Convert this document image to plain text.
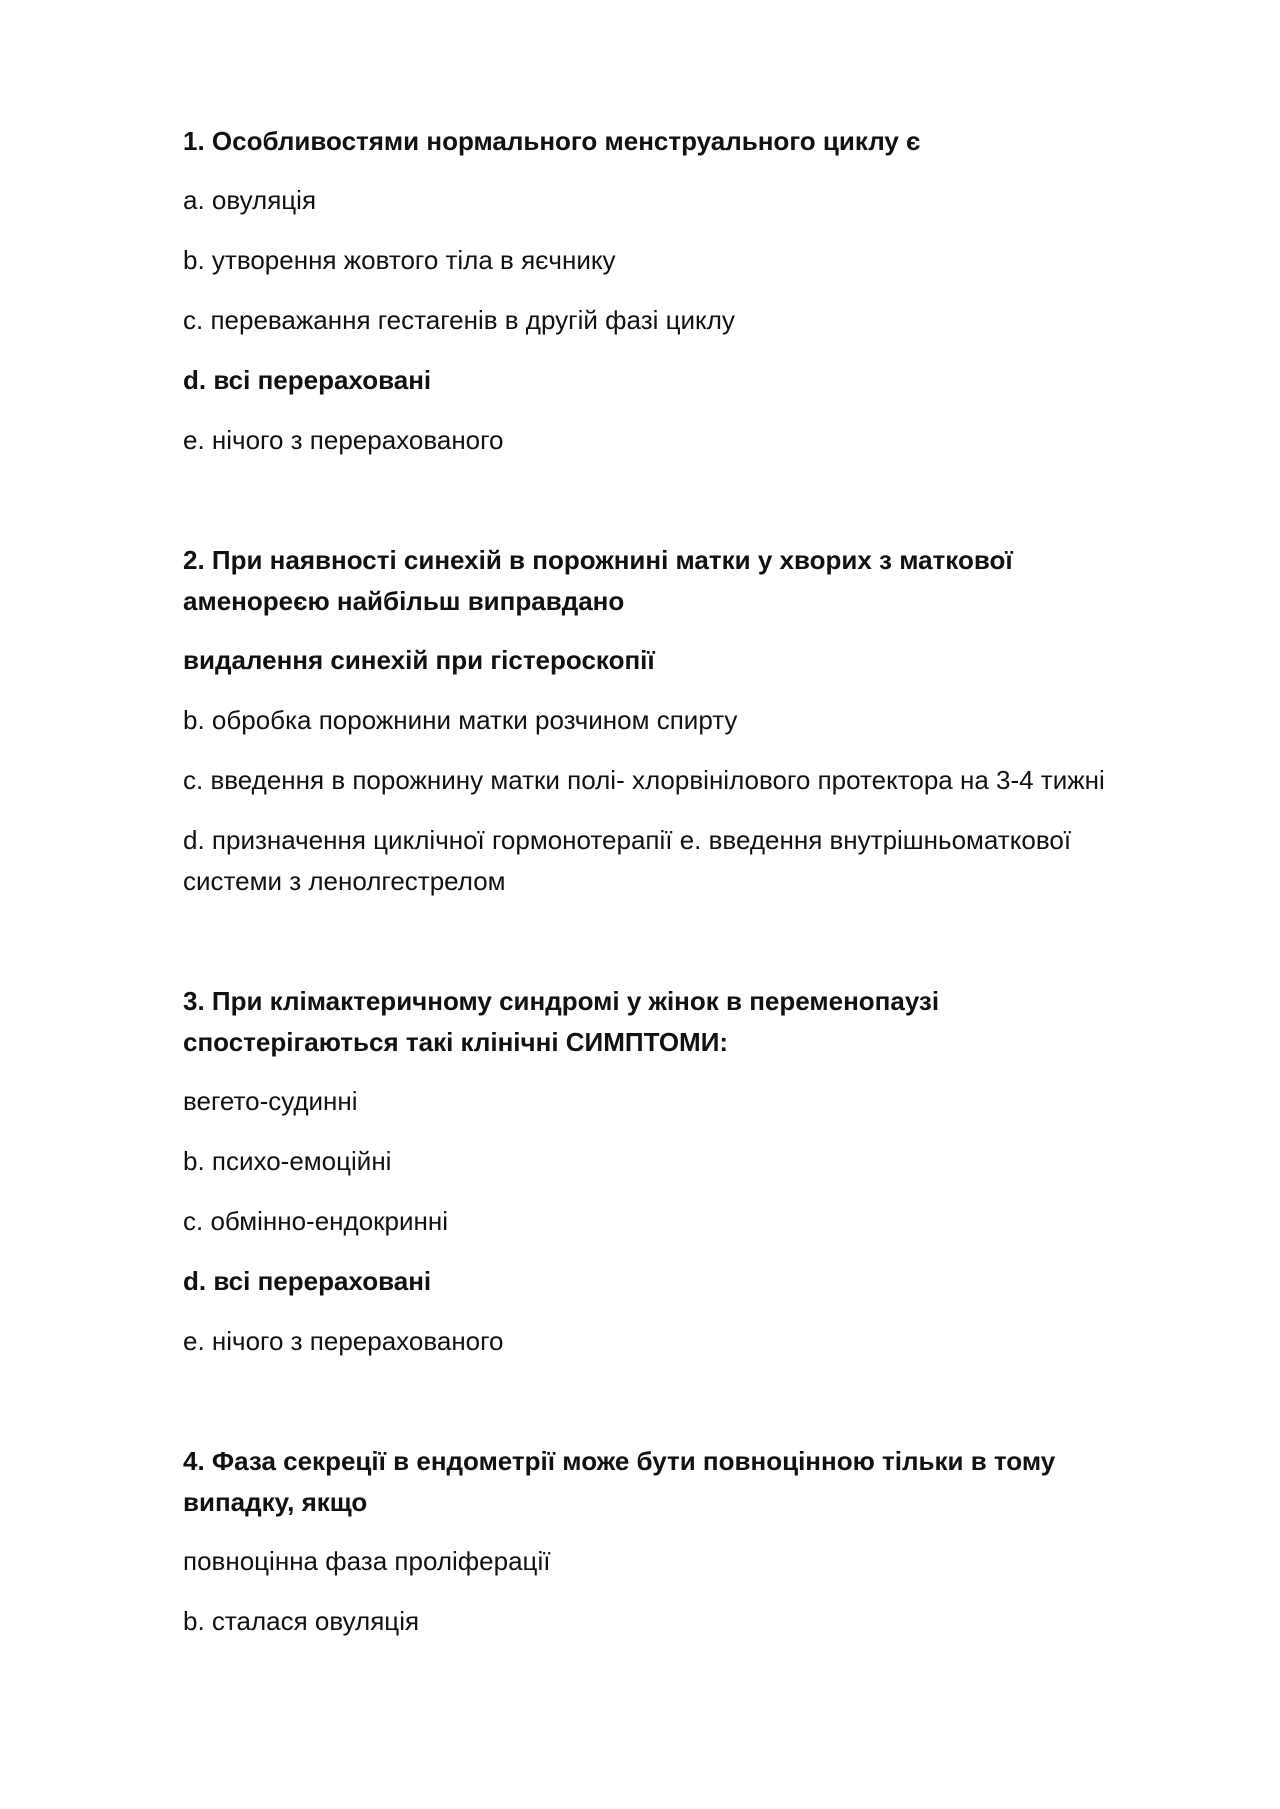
1. Особливостями нормального менструального циклу є

a. овуляція

b. утворення жовтого тіла в яєчнику

c. переважання гестагенів в другій фазі циклу

d. всі перераховані

e. нічого з перерахованого

2. При наявності синехій в порожнині матки у хворих з маткової аменореєю найбільш виправдано

видалення синехій при гістероскопії

b. обробка порожнини матки розчином спирту

c. введення в порожнину матки полі- хлорвінілового протектора на 3-4 тижні

d. призначення циклічної гормонотерапії e. введення внутрішньоматкової системи з ленолгестрелом

3. При клімактеричному синдромі у жінок в переменопаузі спостерігаються такі клінічні СИМПТОМИ:

вегето-судинні

b. психо-емоційні

c. обмінно-ендокринні

d. всі перераховані

e. нічого з перерахованого

4. Фаза секреції в ендометрії може бути повноцінною тільки в тому випадку, якщо

повноцінна фаза проліферації

b. сталася овуляція
